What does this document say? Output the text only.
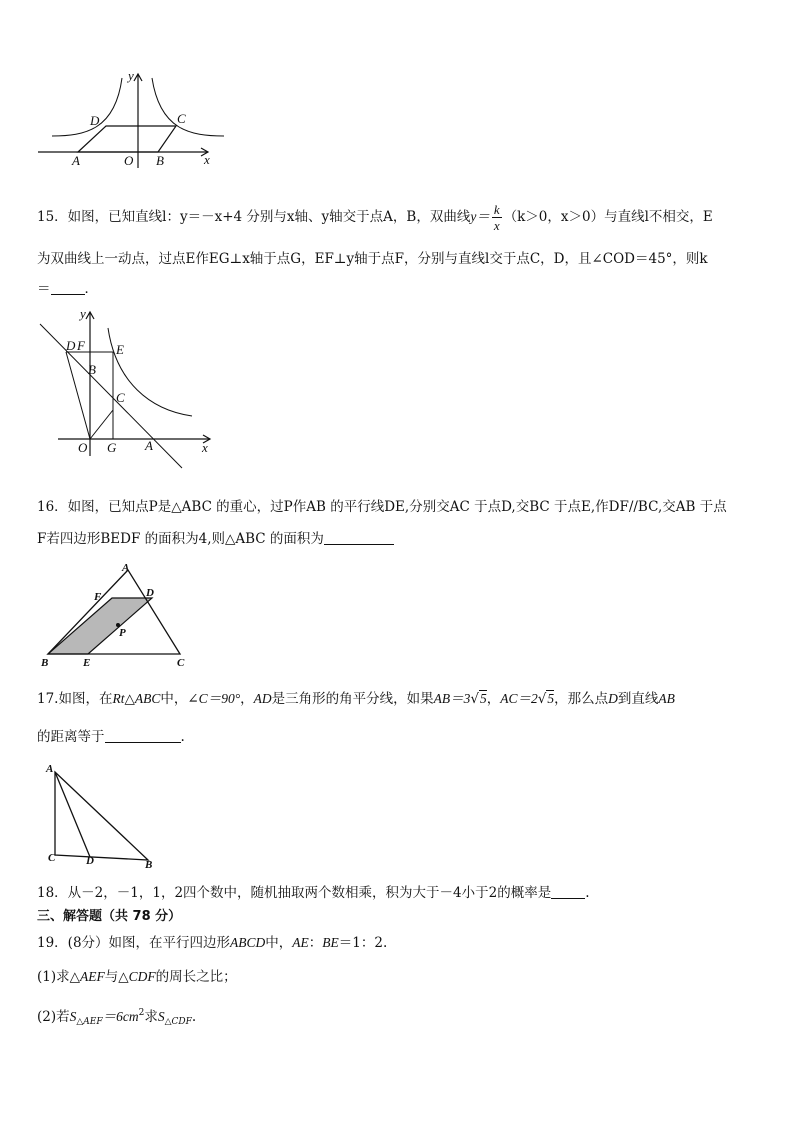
y
x
D	C
A	O B
15．如图，已知直线l：y＝－x+4 分别与x轴、y轴交于点A，B，双曲线$y= \frac{k}{x} (k>0$，x＞0）与直线l不相交，E
为双曲线上一动点，过点E作EG⊥x轴于点G，EF⊥y轴于点F，分别与直线l交于点C，D，且∠COD＝45°，则k
＝	．
D F E
B
C
O G A
y
x
16．如图，已知点P是△ABC 的重心，过P作AB 的平行线DE,分别交AC 于点D,交BC 于点E,作DF//BC,交AB 于点
F若四边形BEDF 的面积为4,则△ABC 的面积为
A
F	D
P
B	E	C
17.如图，在Rt△ABC中，∠C＝90°，AD是三角形的角平分线，如果AB＝3√5，AC＝2√5，那么点D到直线AB
的距离等于	.
A
C	D	B
18．从－2，－1，1，2四个数中，随机抽取两个数相乘，积为大于－4小于2的概率是	.
三、解答题（共 78 分）
19．(8分）如图，在平行四边形ABCD中，AE：BE＝1：2.
(1)求△AEF与△CDF的周长之比；
(2)若$S_{\triangle AEF}=6cm^2$求$S_{\triangle CDF}$.
